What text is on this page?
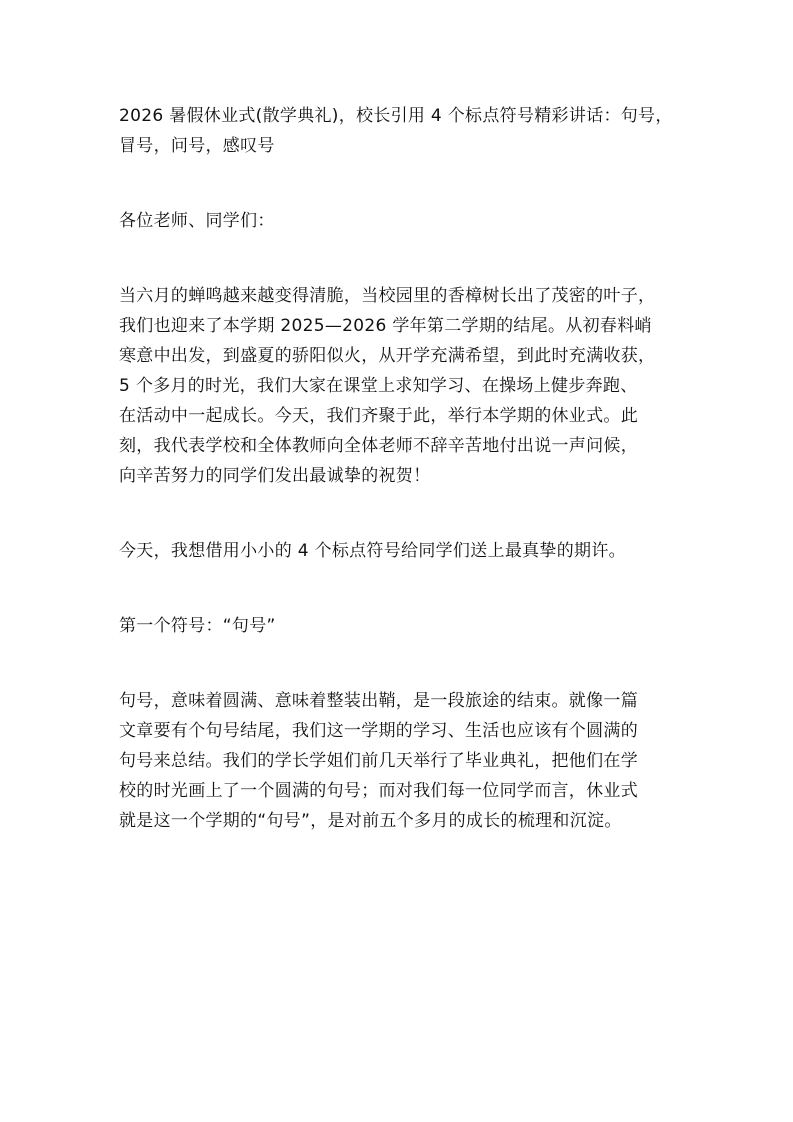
2026 暑假休业式(散学典礼)，校长引用 4 个标点符号精彩讲话：句号，
冒号，问号，感叹号
各位老师、同学们：
当六月的蝉鸣越来越变得清脆，当校园里的香樟树长出了茂密的叶子，
我们也迎来了本学期 2025—2026 学年第二学期的结尾。从初春料峭
寒意中出发，到盛夏的骄阳似火，从开学充满希望，到此时充满收获，
5 个多月的时光，我们大家在课堂上求知学习、在操场上健步奔跑、
在活动中一起成长。今天，我们齐聚于此，举行本学期的休业式。此
刻，我代表学校和全体教师向全体老师不辞辛苦地付出说一声问候，
向辛苦努力的同学们发出最诚挚的祝贺！
今天，我想借用小小的 4 个标点符号给同学们送上最真挚的期许。
第一个符号：“句号”
句号，意味着圆满、意味着整装出鞘，是一段旅途的结束。就像一篇
文章要有个句号结尾，我们这一学期的学习、生活也应该有个圆满的
句号来总结。我们的学长学姐们前几天举行了毕业典礼，把他们在学
校的时光画上了一个圆满的句号；而对我们每一位同学而言，休业式
就是这一个学期的“句号”，是对前五个多月的成长的梳理和沉淀。
